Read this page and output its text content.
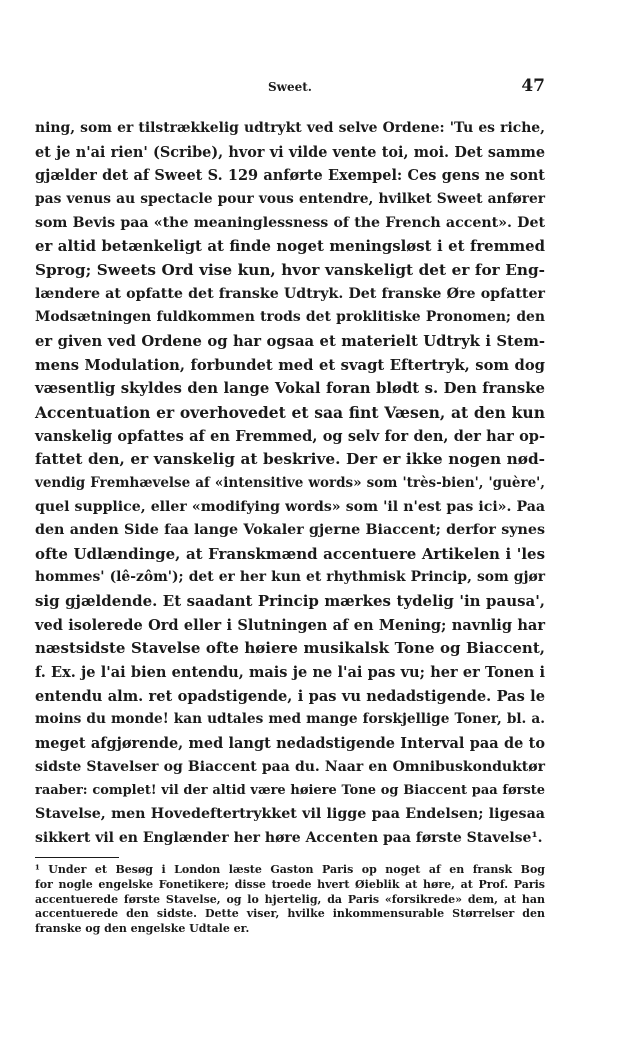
Sweet.	47
ning, som er tilstrækkelig udtrykt ved selve Ordene: 'Tu es riche,
et je n'ai rien' (Scribe), hvor vi vilde vente toi, moi. Det samme
gjælder det af Sweet S. 129 anførte Exempel: Ces gens ne sont
pas venus au spectacle pour vous entendre, hvilket Sweet anfører
som Bevis paa «the meaninglessness of the French accent». Det
er altid betænkeligt at finde noget meningsløst i et fremmed
Sprog; Sweets Ord vise kun, hvor vanskeligt det er for Eng-
lændere at opfatte det franske Udtryk. Det franske Øre opfatter
Modsætningen fuldkommen trods det proklitiske Pronomen; den
er given ved Ordene og har ogsaa et materielt Udtryk i Stem-
mens Modulation, forbundet med et svagt Eftertryk, som dog
væsentlig skyldes den lange Vokal foran blødt s. Den franske
Accentuation er overhovedet et saa fint Væsen, at den kun
vanskelig opfattes af en Fremmed, og selv for den, der har op-
fattet den, er vanskelig at beskrive. Der er ikke nogen nød-
vendig Fremhævelse af «intensitive words» som 'très-bien', 'guère',
quel supplice, eller «modifying words» som 'il n'est pas ici». Paa
den anden Side faa lange Vokaler gjerne Biaccent; derfor synes
ofte Udlændinge, at Franskmænd accentuere Artikelen i 'les
hommes' (lê-zôm'); det er her kun et rhythmisk Princip, som gjør
sig gjældende. Et saadant Princip mærkes tydelig 'in pausa',
ved isolerede Ord eller i Slutningen af en Mening; navnlig har
næstsidste Stavelse ofte høiere musikalsk Tone og Biaccent,
f. Ex. je l'ai bien entendu, mais je ne l'ai pas vu; her er Tonen i
entendu alm. ret opadstigende, i pas vu nedadstigende. Pas le
moins du monde! kan udtales med mange forskjellige Toner, bl. a.
meget afgjørende, med langt nedadstigende Interval paa de to
sidste Stavelser og Biaccent paa du. Naar en Omnibuskonduktør
raaber: complet! vil der altid være høiere Tone og Biaccent paa første
Stavelse, men Hovedeftertrykket vil ligge paa Endelsen; ligesaa
sikkert vil en Englænder her høre Accenten paa første Stavelse¹.
¹ Under et Besøg i London læste Gaston Paris op noget af en fransk Bog
for nogle engelske Fonetikere; disse troede hvert Øieblik at høre, at Prof. Paris
accentuerede første Stavelse, og lo hjertelig, da Paris «forsikrede» dem, at han
accentuerede den sidste. Dette viser, hvilke inkommensurable Størrelser den
franske og den engelske Udtale er.
